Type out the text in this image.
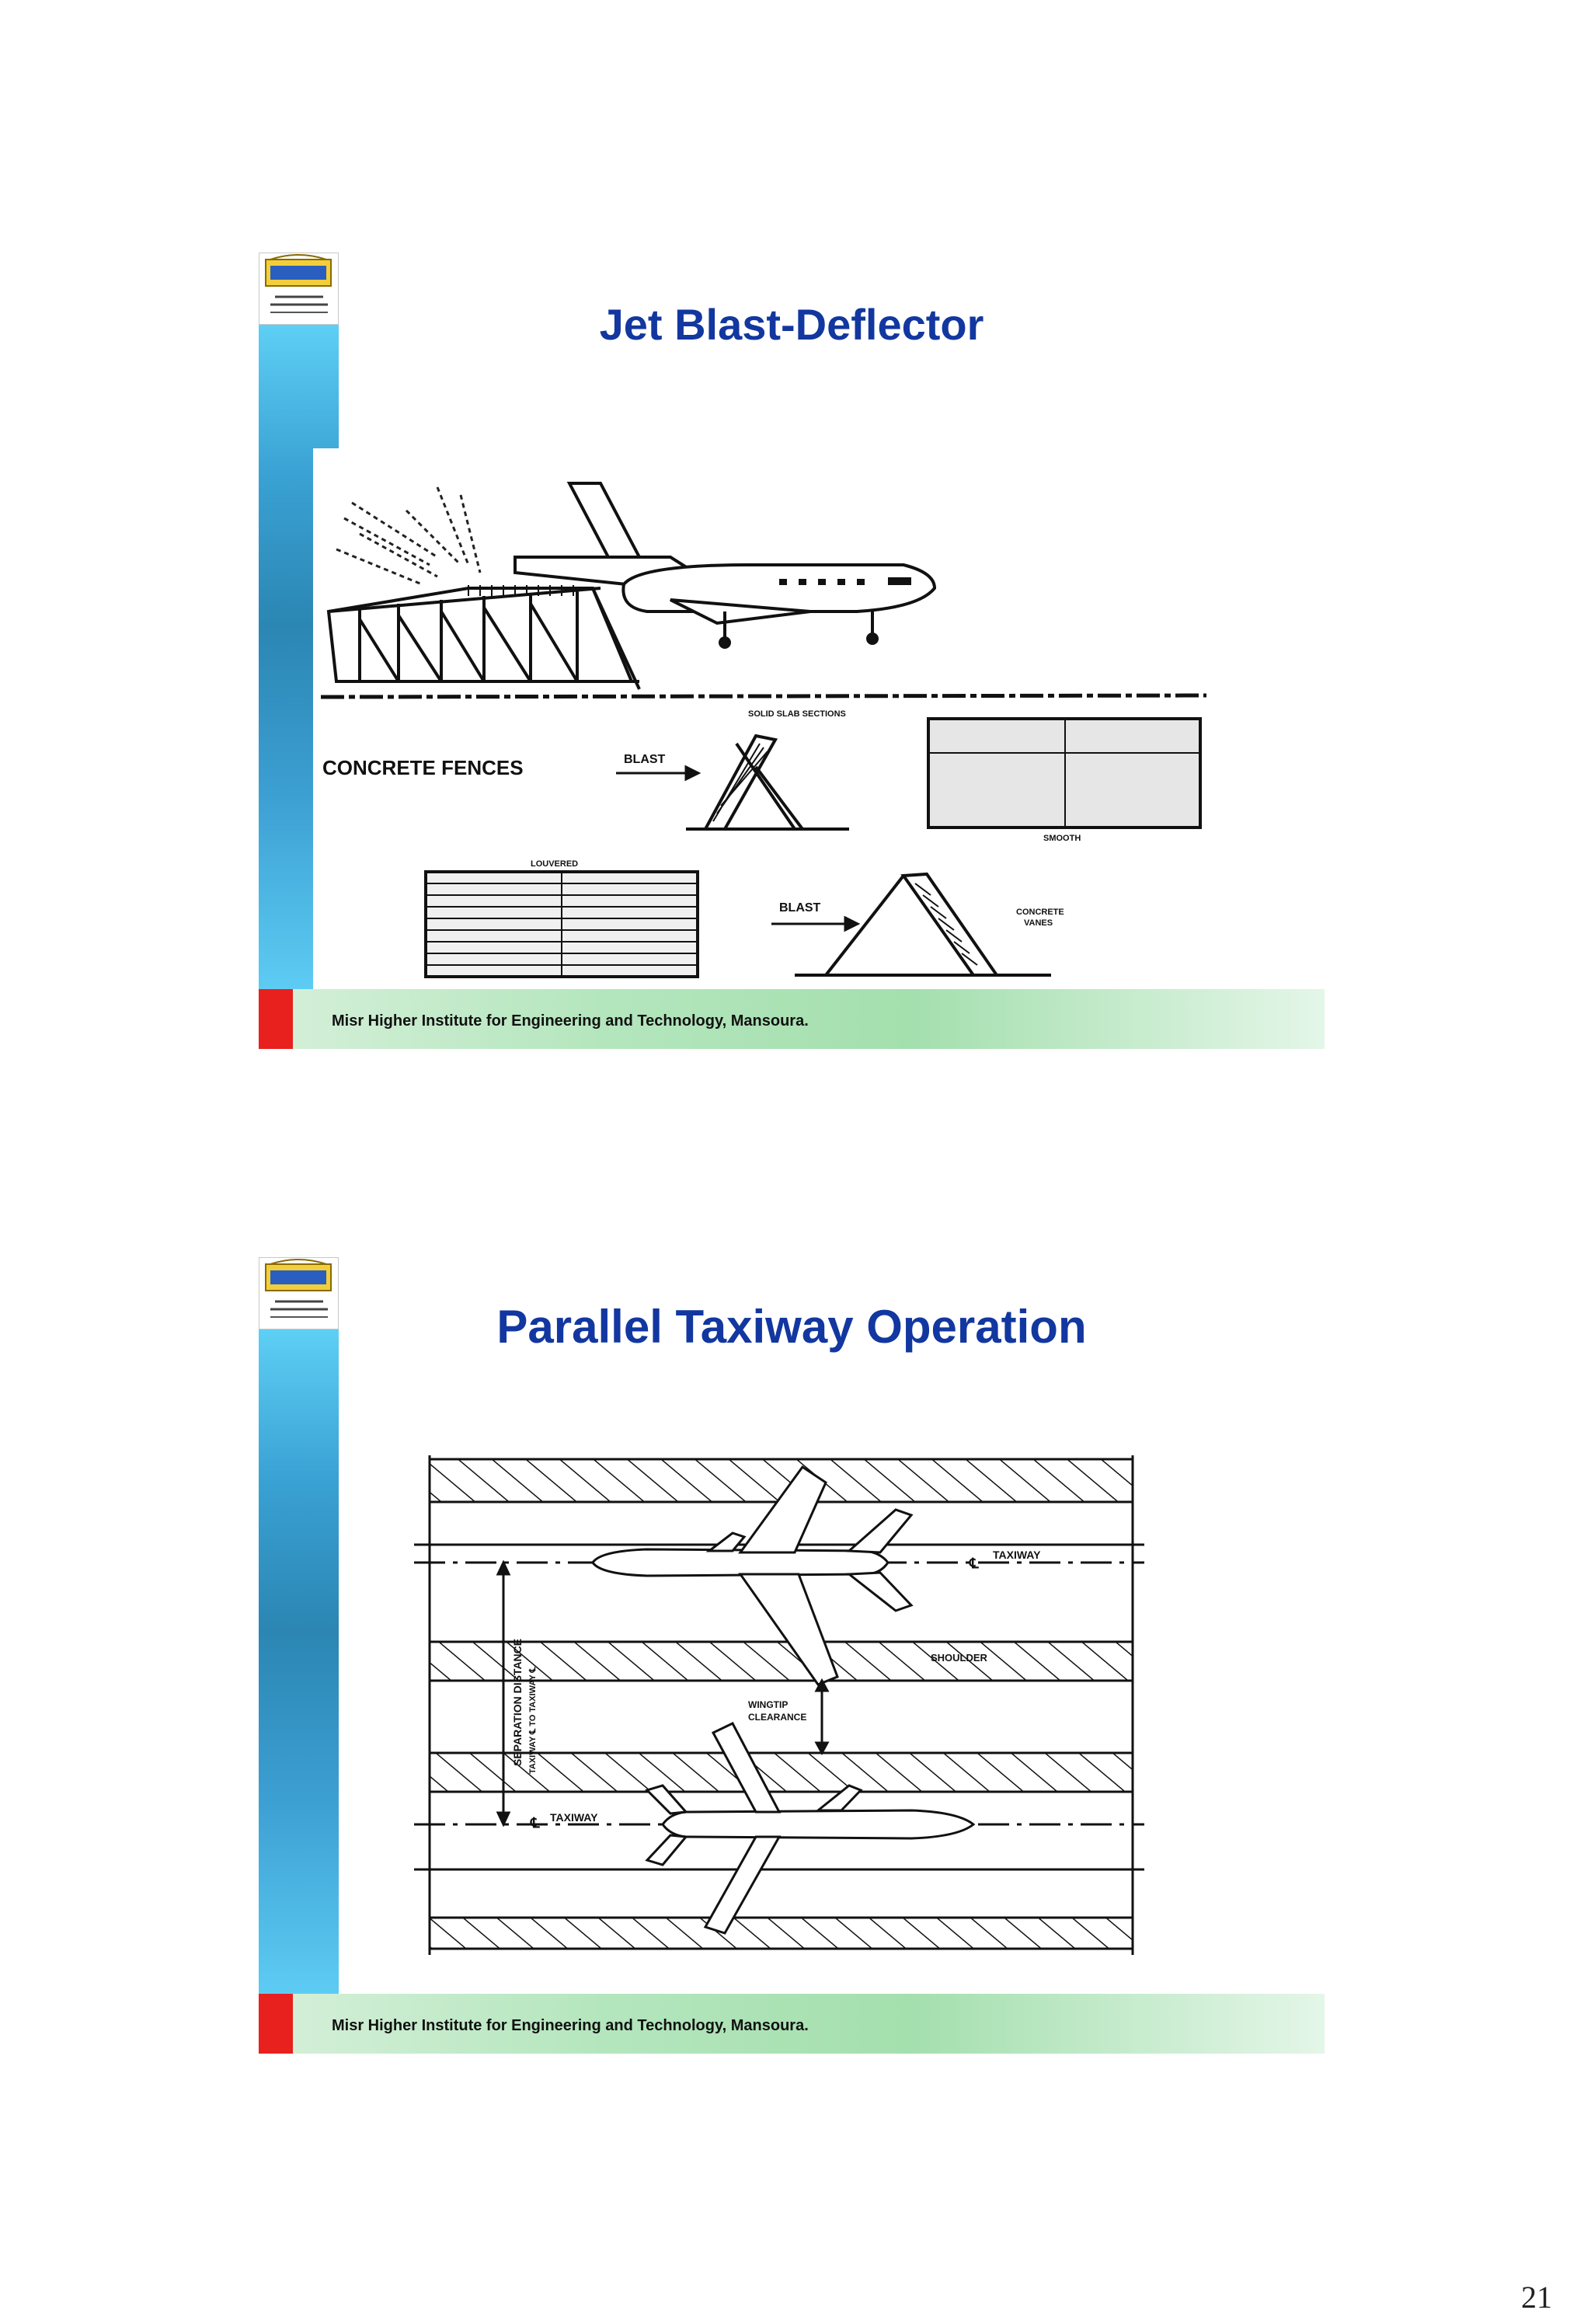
Jet Blast-Deflector
SOLID SLAB SECTIONS
CONCRETE FENCES	BLAST
SMOOTH
LOUVERED
BLAST	CONCRETE
VANES
Misr Higher Institute for Engineering and Technology, Mansoura.
Parallel Taxiway Operation
TAXIWAY
℄
SHOULDER
WINGTIP
CLEARANCE
TAXIWAY
℄
SEPARATION DISTANCE TAXIWAY ℄ TO TAXIWAY ℄
Misr Higher Institute for Engineering and Technology, Mansoura.
21
